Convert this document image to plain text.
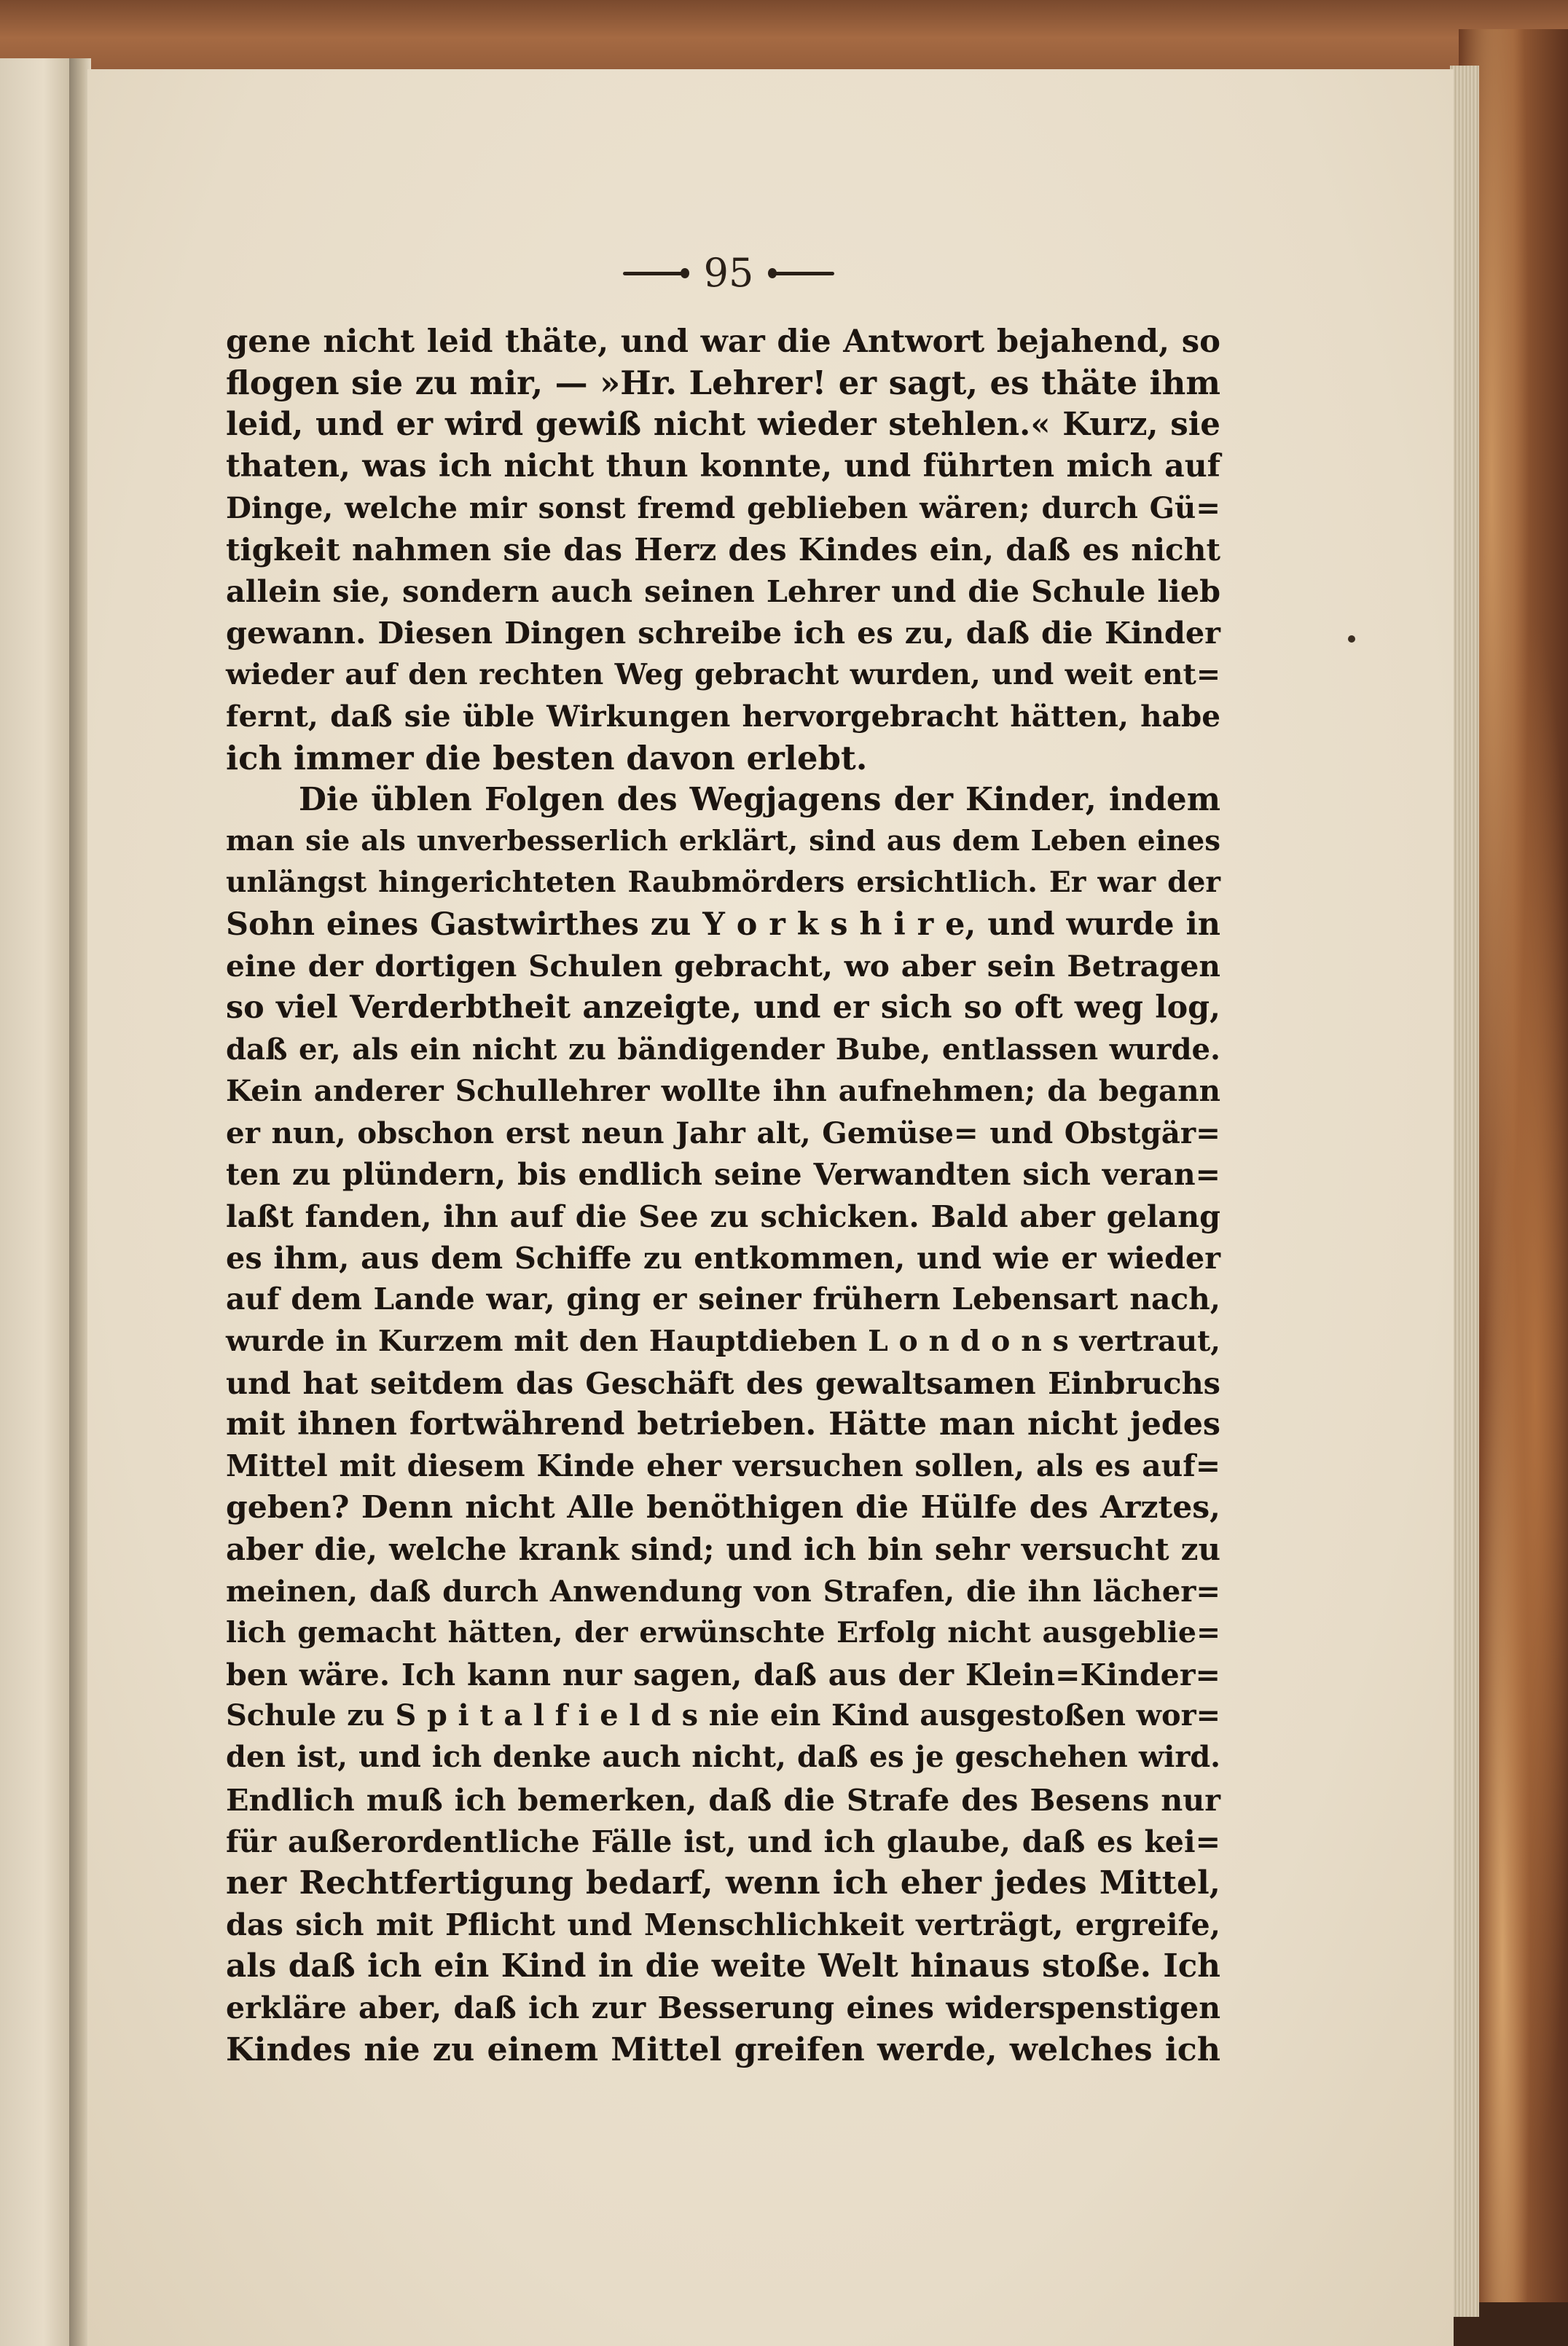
95
gene nicht leid thäte, und war die Antwort bejahend, so
flogen sie zu mir, — »Hr. Lehrer! er sagt, es thäte ihm
leid, und er wird gewiß nicht wieder stehlen.« Kurz, sie
thaten, was ich nicht thun konnte, und führten mich auf
Dinge, welche mir sonst fremd geblieben wären; durch Gü=
tigkeit nahmen sie das Herz des Kindes ein, daß es nicht
allein sie, sondern auch seinen Lehrer und die Schule lieb
gewann. Diesen Dingen schreibe ich es zu, daß die Kinder
wieder auf den rechten Weg gebracht wurden, und weit ent=
fernt, daß sie üble Wirkungen hervorgebracht hätten, habe
ich immer die besten davon erlebt.
Die üblen Folgen des Wegjagens der Kinder, indem
man sie als unverbesserlich erklärt, sind aus dem Leben eines
unlängst hingerichteten Raubmörders ersichtlich. Er war der
Sohn eines Gastwirthes zu Y o r k s h i r e, und wurde in
eine der dortigen Schulen gebracht, wo aber sein Betragen
so viel Verderbtheit anzeigte, und er sich so oft weg log,
daß er, als ein nicht zu bändigender Bube, entlassen wurde.
Kein anderer Schullehrer wollte ihn aufnehmen; da begann
er nun, obschon erst neun Jahr alt, Gemüse= und Obstgär=
ten zu plündern, bis endlich seine Verwandten sich veran=
laßt fanden, ihn auf die See zu schicken. Bald aber gelang
es ihm, aus dem Schiffe zu entkommen, und wie er wieder
auf dem Lande war, ging er seiner frühern Lebensart nach,
wurde in Kurzem mit den Hauptdieben L o n d o n s vertraut,
und hat seitdem das Geschäft des gewaltsamen Einbruchs
mit ihnen fortwährend betrieben. Hätte man nicht jedes
Mittel mit diesem Kinde eher versuchen sollen, als es auf=
geben? Denn nicht Alle benöthigen die Hülfe des Arztes,
aber die, welche krank sind; und ich bin sehr versucht zu
meinen, daß durch Anwendung von Strafen, die ihn lächer=
lich gemacht hätten, der erwünschte Erfolg nicht ausgeblie=
ben wäre. Ich kann nur sagen, daß aus der Klein=Kinder=
Schule zu S p i t a l f i e l d s nie ein Kind ausgestoßen wor=
den ist, und ich denke auch nicht, daß es je geschehen wird.
Endlich muß ich bemerken, daß die Strafe des Besens nur
für außerordentliche Fälle ist, und ich glaube, daß es kei=
ner Rechtfertigung bedarf, wenn ich eher jedes Mittel,
das sich mit Pflicht und Menschlichkeit verträgt, ergreife,
als daß ich ein Kind in die weite Welt hinaus stoße. Ich
erkläre aber, daß ich zur Besserung eines widerspenstigen
Kindes nie zu einem Mittel greifen werde, welches ich
